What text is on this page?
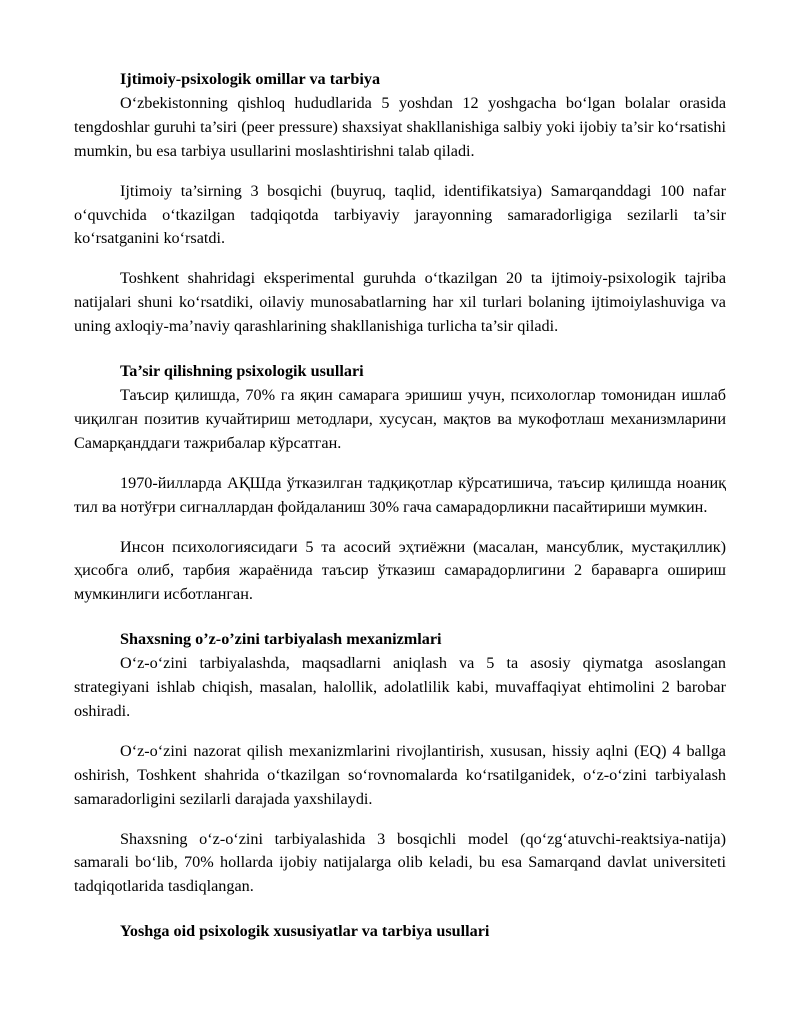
Ijtimoiy-psixologik omillar va tarbiya

O‘zbekistonning qishloq hududlarida 5 yoshdan 12 yoshgacha bo‘lgan bolalar orasida tengdoshlar guruhi ta’siri (peer pressure) shaxsiyat shakllanishiga salbiy yoki ijobiy ta’sir ko‘rsatishi mumkin, bu esa tarbiya usullarini moslashtirishni talab qiladi.

Ijtimoiy ta’sirning 3 bosqichi (buyruq, taqlid, identifikatsiya) Samarqanddagi 100 nafar o‘quvchida o‘tkazilgan tadqiqotda tarbiyaviy jarayonning samaradorligiga sezilarli ta’sir ko‘rsatganini ko‘rsatdi.

Toshkent shahridagi eksperimental guruhda o‘tkazilgan 20 ta ijtimoiy-psixologik tajriba natijalari shuni ko‘rsatdiki, oilaviy munosabatlarning har xil turlari bolaning ijtimoiylashuviga va uning axloqiy-ma’naviy qarashlarining shakllanishiga turlicha ta’sir qiladi.

Ta’sir qilishning psixologik usullari

Таъсир қилишда, 70% га яқин самарага эришиш учун, психологлар томонидан ишлаб чиқилган позитив кучайтириш методлари, хусусан, мақтов ва мукофотлаш механизмларини Самарқанддаги тажрибалар кўрсатган.

1970-йилларда АҚШда ўтказилган тадқиқотлар кўрсатишича, таъсир қилишда ноаниқ тил ва нотўғри сигналлардан фойдаланиш 30% гача самарадорликни пасайтириши мумкин.

Инсон психологиясидаги 5 та асосий эҳтиёжни (масалан, мансублик, мустақиллик) ҳисобга олиб, тарбия жараёнида таъсир ўтказиш самарадорлигини 2 бараварга ошириш мумкинлиги исботланган.

Shaxsning o’z-o’zini tarbiyalash mexanizmlari

O‘z-o‘zini tarbiyalashda, maqsadlarni aniqlash va 5 ta asosiy qiymatga asoslangan strategiyani ishlab chiqish, masalan, halollik, adolatlilik kabi, muvaffaqiyat ehtimolini 2 barobar oshiradi.

O‘z-o‘zini nazorat qilish mexanizmlarini rivojlantirish, xususan, hissiy aqlni (EQ) 4 ballga oshirish, Toshkent shahrida o‘tkazilgan so‘rovnomalarda ko‘rsatilganidek, o‘z-o‘zini tarbiyalash samaradorligini sezilarli darajada yaxshilaydi.

Shaxsning o‘z-o‘zini tarbiyalashida 3 bosqichli model (qo‘zg‘atuvchi-reaktsiya-natija) samarali bo‘lib, 70% hollarda ijobiy natijalarga olib keladi, bu esa Samarqand davlat universiteti tadqiqotlarida tasdiqlangan.

Yoshga oid psixologik xususiyatlar va tarbiya usullari
